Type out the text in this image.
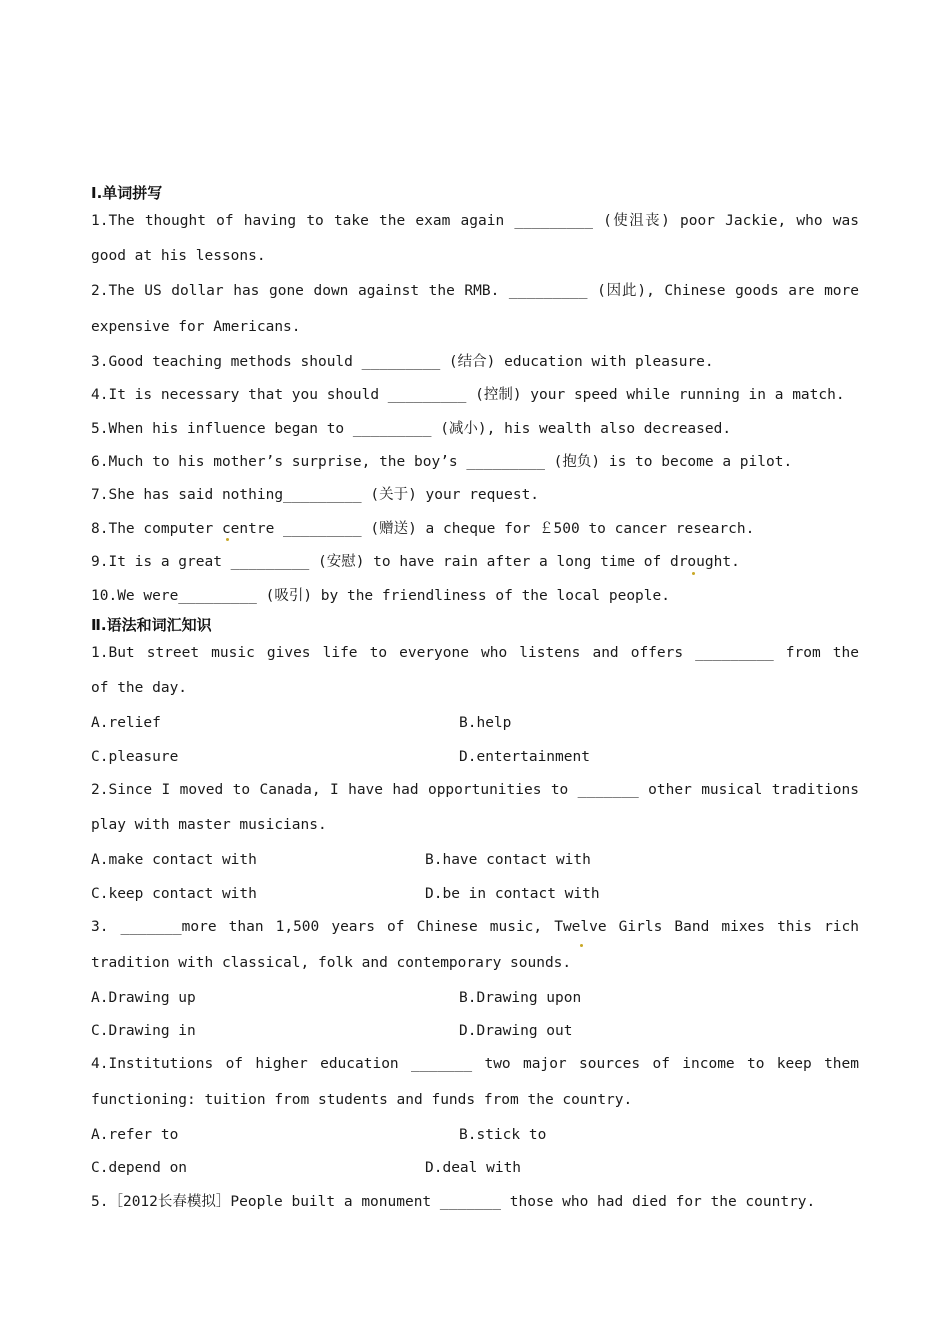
Ⅰ.单词拼写
1.The thought of having to take the exam again _________ (使沮丧) poor Jackie, who was
good at his lessons.
2.The US dollar has gone down against the RMB. _________ (因此), Chinese goods are more
expensive for Americans.
3.Good teaching methods should _________ (结合) education with pleasure.
4.It is necessary that you should _________ (控制) your speed while running in a match.
5.When his influence began to _________ (减小), his wealth also decreased.
6.Much to his mother’s surprise, the boy’s _________ (抱负) is to become a pilot.
7.She has said nothing_________ (关于) your request.
8.The computer centre _________ (赠送) a cheque for ￡500 to cancer research.
9.It is a great _________ (安慰) to have rain after a long time of drought.
10.We were_________ (吸引) by the friendliness of the local people.
Ⅱ.语法和词汇知识
1.But street music gives life to everyone who listens and offers _________ from the
of the day.
A.relief	B.help
C.pleasure	D.entertainment
2.Since I moved to Canada, I have had opportunities to _______ other musical traditions
play with master musicians.
A.make contact with	B.have contact with
C.keep contact with	D.be in contact with
3. _______more than 1,500 years of Chinese music, Twelve Girls Band mixes this rich
tradition with classical, folk and contemporary sounds.
A.Drawing up	B.Drawing upon
C.Drawing in	D.Drawing out
4.Institutions of higher education _______ two major sources of income to keep them
functioning: tuition from students and funds from the country.
A.refer to	B.stick to
C.depend on	D.deal with
5.［2012长春模拟］People built a monument _______ those who had died for the country.
